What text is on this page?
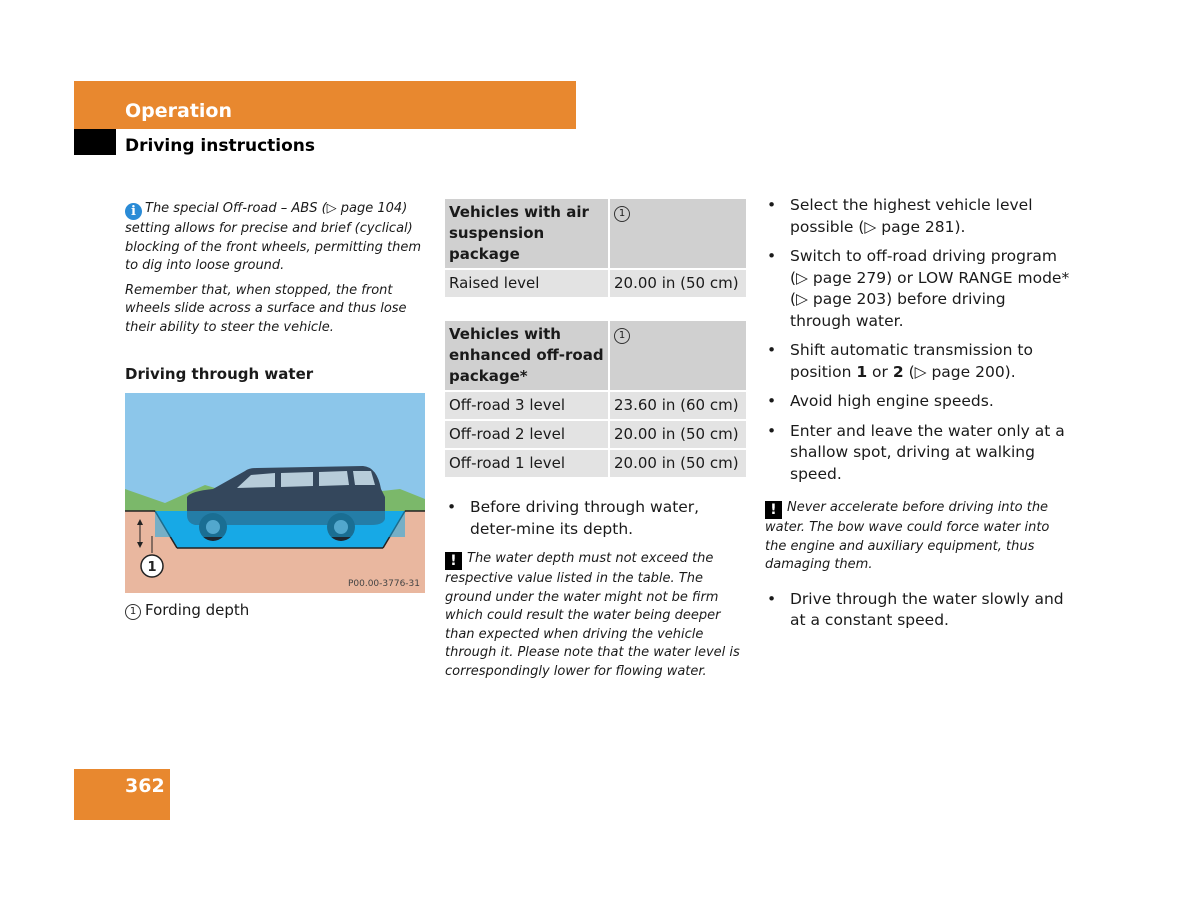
Operation
Driving instructions

i The special Off-road – ABS (▷ page 104) setting allows for precise and brief (cyclical) blocking of the front wheels, permitting them to dig into loose ground.

Remember that, when stopped, the front wheels slide across a surface and thus lose their ability to steer the vehicle.

Driving through water
1
P00.00-3776-31
1 Fording depth
Vehicles with air suspension package	1
Raised level	20.00 in (50 cm)
Vehicles with enhanced off-road package*	1
Off-road 3 level	23.60 in (60 cm)
Off-road 2 level	20.00 in (50 cm)
Off-road 1 level	20.00 in (50 cm)
• Before driving through water, deter-mine its depth.

! The water depth must not exceed the respective value listed in the table. The ground under the water might not be firm which could result the water being deeper than expected when driving the vehicle through it. Please note that the water level is correspondingly lower for flowing water.

• Select the highest vehicle level possible (▷ page 281).
• Switch to off-road driving program (▷ page 279) or LOW RANGE mode* (▷ page 203) before driving through water.
• Shift automatic transmission to position 1 or 2 (▷ page 200).
• Avoid high engine speeds.
• Enter and leave the water only at a shallow spot, driving at walking speed.

! Never accelerate before driving into the water. The bow wave could force water into the engine and auxiliary equipment, thus damaging them.

• Drive through the water slowly and at a constant speed.
362
